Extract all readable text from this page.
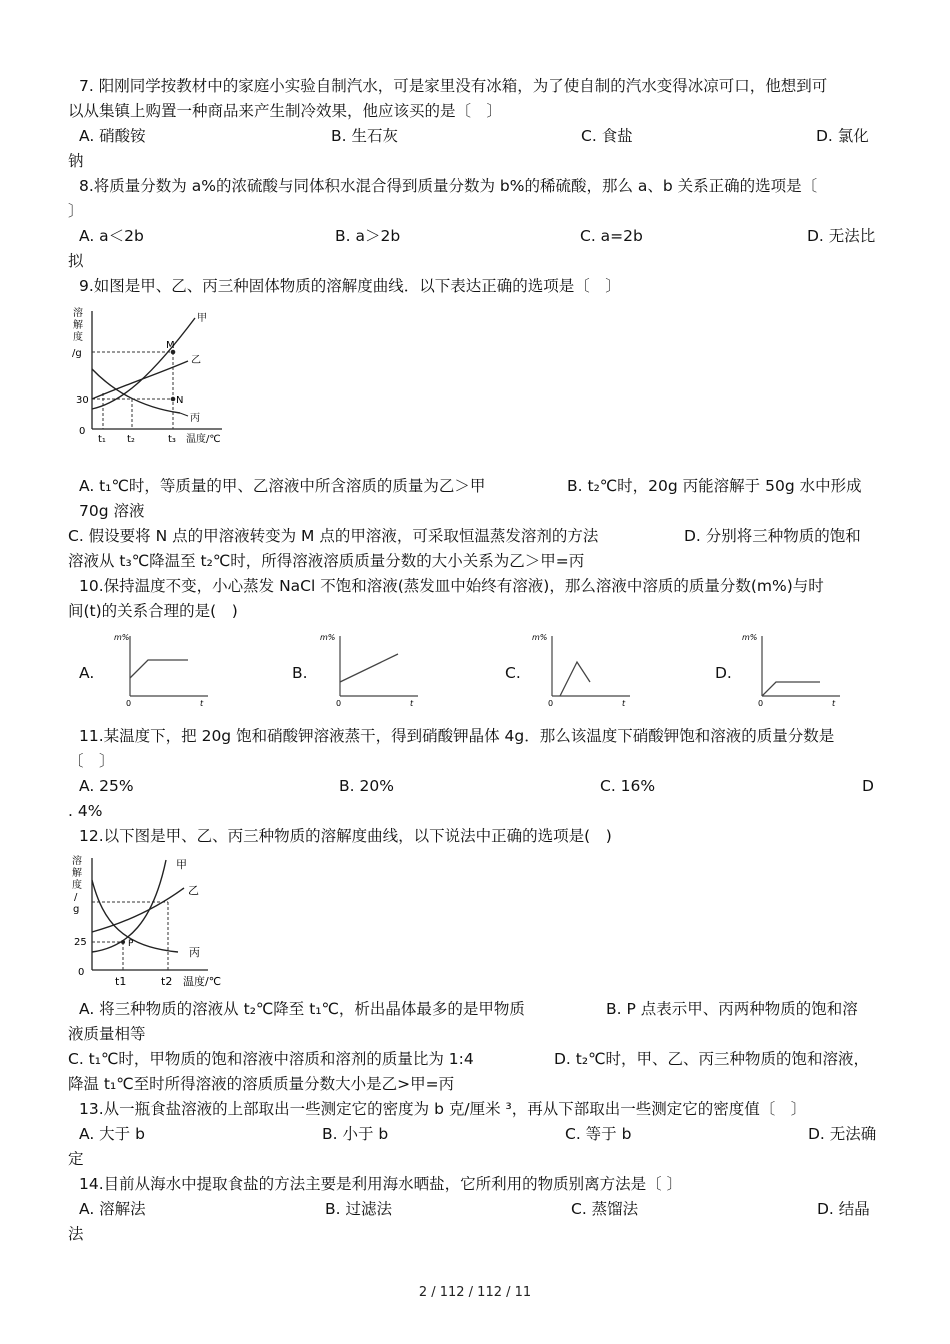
7. 阳刚同学按教材中的家庭小实验自制汽水，可是家里没有冰箱，为了使自制的汽水变得冰凉可口，他想到可
以从集镇上购置一种商品来产生制冷效果，他应该买的是〔　〕
A. 硝酸铵	B. 生石灰	C. 食盐	D. 氯化
钠
8.将质量分数为 a%的浓硫酸与同体积水混合得到质量分数为 b%的稀硫酸，那么 a、b 关系正确的选项是〔
〕
A. a＜2b	B. a＞2b	C. a=2b	D. 无法比
拟
9.如图是甲、乙、丙三种固体物质的溶解度曲线．以下表达正确的选项是〔　〕
溶
解
度
/g
30
0
M
N
甲
乙
丙
t₁ t₂	t₃ 温度/℃
A. t₁℃时，等质量的甲、乙溶液中所含溶质的质量为乙＞甲	B. t₂℃时，20g 丙能溶解于 50g 水中形成
70g 溶液
C. 假设要将 N 点的甲溶液转变为 M 点的甲溶液，可采取恒温蒸发溶剂的方法	D. 分别将三种物质的饱和
溶液从 t₃℃降温至 t₂℃时，所得溶液溶质质量分数的大小关系为乙＞甲=丙
10.保持温度不变，小心蒸发 NaCl 不饱和溶液(蒸发皿中始终有溶液)，那么溶液中溶质的质量分数(m%)与时
间(t)的关系合理的是(　)
A.
m%
0	t
B.
m%
0	t
C.
m%
0	t
D.
m%
0	t
11.某温度下，把 20g 饱和硝酸钾溶液蒸干，得到硝酸钾晶体 4g．那么该温度下硝酸钾饱和溶液的质量分数是
〔　〕
A. 25%	B. 20%	C. 16%	D
. 4%
12.以下图是甲、乙、丙三种物质的溶解度曲线，以下说法中正确的选项是(　)
溶
解
度
/
g
25
0
P
甲
乙
丙
t1	t2 温度/℃
A. 将三种物质的溶液从 t₂℃降至 t₁℃，析出晶体最多的是甲物质	B. P 点表示甲、丙两种物质的饱和溶
液质量相等
C. t₁℃时，甲物质的饱和溶液中溶质和溶剂的质量比为 1:4	D. t₂℃时，甲、乙、丙三种物质的饱和溶液，
降温 t₁℃至时所得溶液的溶质质量分数大小是乙>甲=丙
13.从一瓶食盐溶液的上部取出一些测定它的密度为 b 克/厘米 ³，再从下部取出一些测定它的密度值〔　〕
A. 大于 b	B. 小于 b	C. 等于 b	D. 无法确
定
14.目前从海水中提取食盐的方法主要是利用海水晒盐，它所利用的物质别离方法是〔 〕
A. 溶解法	B. 过滤法	C. 蒸馏法	D. 结晶
法
2 / 112 / 112 / 11
